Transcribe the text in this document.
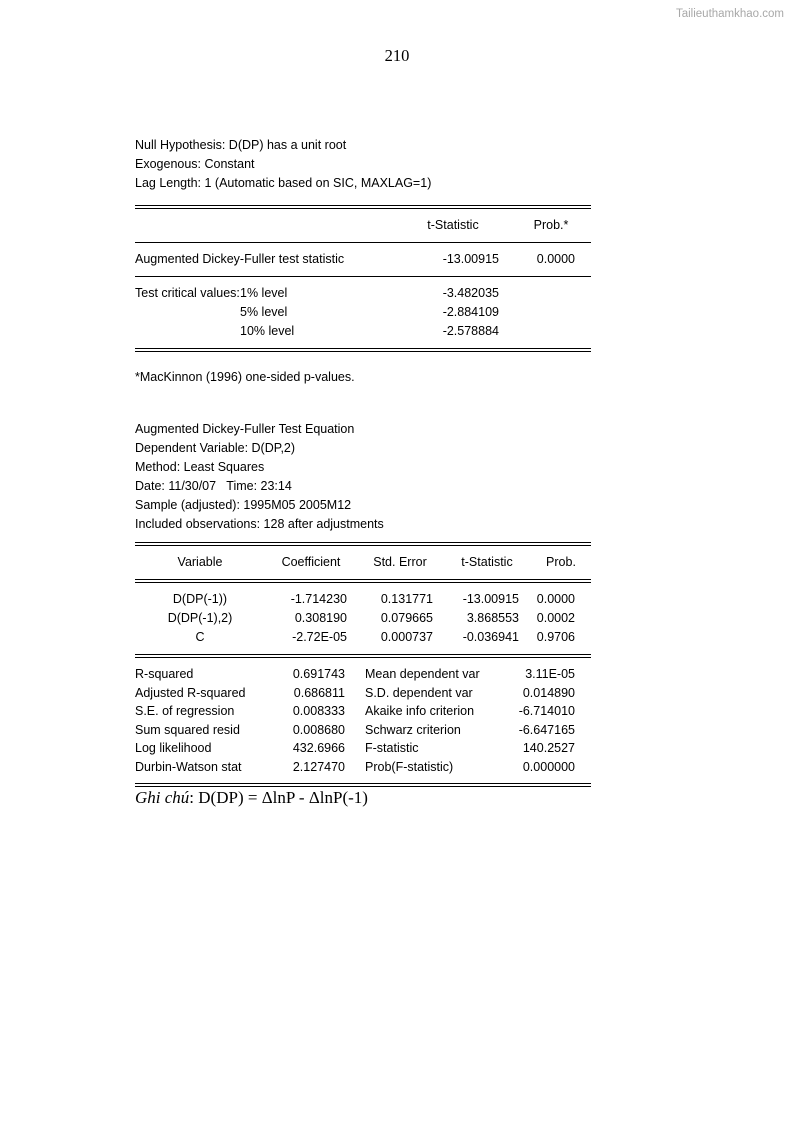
Tailieuthamkhao.com
210
Null Hypothesis: D(DP) has a unit root
Exogenous: Constant
Lag Length: 1 (Automatic based on SIC, MAXLAG=1)
t-Statistic	Prob.*
Augmented Dickey-Fuller test statistic	-13.00915	0.0000
Test critical values: 1% level	-3.482035
5% level	-2.884109
10% level	-2.578884
*MacKinnon (1996) one-sided p-values.
Augmented Dickey-Fuller Test Equation
Dependent Variable: D(DP,2)
Method: Least Squares
Date: 11/30/07   Time: 23:14
Sample (adjusted): 1995M05 2005M12
Included observations: 128 after adjustments
Variable	Coefficient	Std. Error	t-Statistic	Prob.
D(DP(-1))	-1.714230	0.131771	-13.00915	0.0000
D(DP(-1),2)	0.308190	0.079665	3.868553	0.0002
C	-2.72E-05	0.000737	-0.036941	0.9706
R-squared	0.691743 Mean dependent var	3.11E-05
Adjusted R-squared	0.686811 S.D. dependent var	0.014890
S.E. of regression	0.008333 Akaike info criterion	-6.714010
Sum squared resid	0.008680 Schwarz criterion	-6.647165
Log likelihood	432.6966 F-statistic	140.2527
Durbin-Watson stat	2.127470 Prob(F-statistic)	0.000000
Ghi chú: D(DP) = ΔlnP - ΔlnP(-1)
